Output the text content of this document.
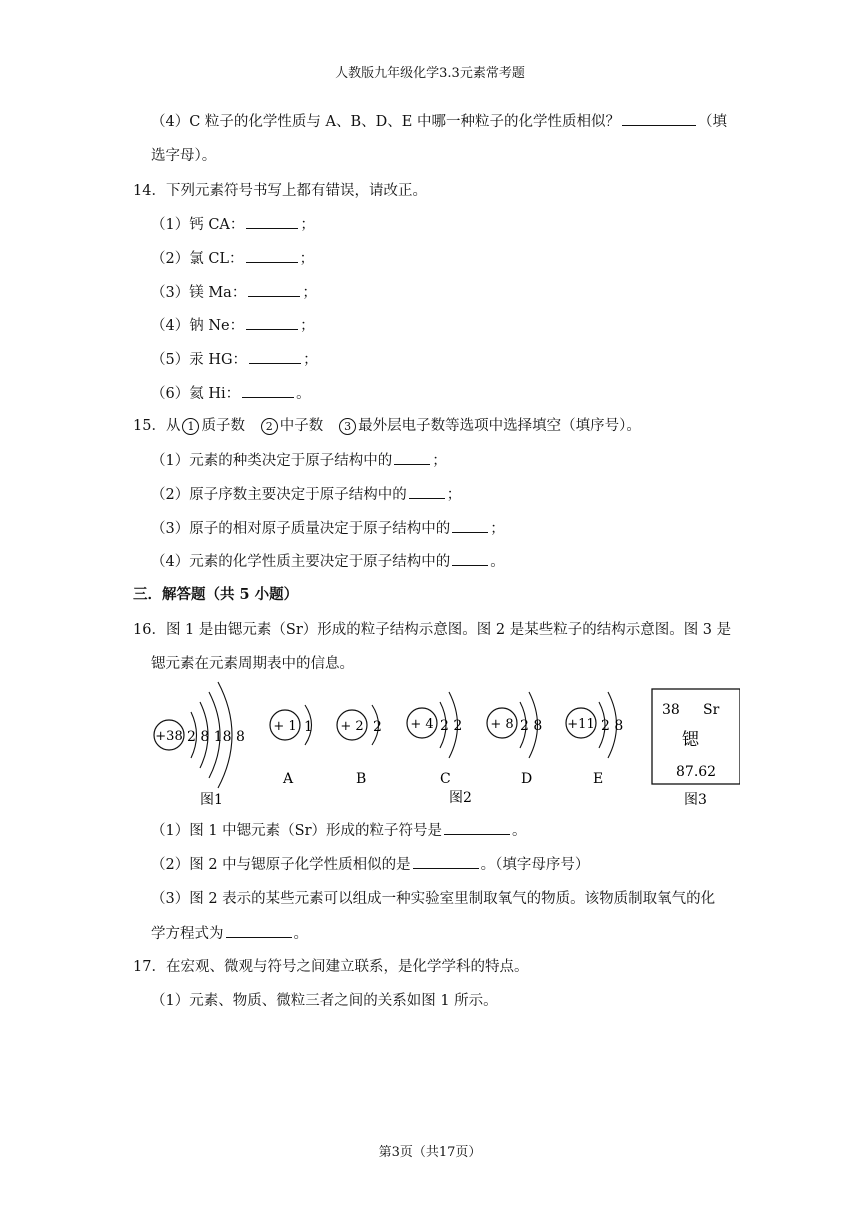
人教版九年级化学3.3元素常考题
（4）C 粒子的化学性质与 A、B、D、E 中哪一种粒子的化学性质相似？	（填
选字母）。
14．下列元素符号书写上都有错误，请改正。
（1）钙 CA：	；
（2）氯 CL：	；
（3）镁 Ma：	；
（4）钠 Ne：	；
（5）汞 HG：	；
（6）氦 Hi：	。
15．从 1 质子数 2 中子数 3 最外层电子数等选项中选择填空（填序号）。
（1）元素的种类决定于原子结构中的	；
（2）原子序数主要决定于原子结构中的	；
（3）原子的相对原子质量决定于原子结构中的	；
（4）元素的化学性质主要决定于原子结构中的	。
三．解答题（共 5 小题）
16．图 1 是由锶元素（Sr）形成的粒子结构示意图。图 2 是某些粒子的结构示意图。图 3 是
锶元素在元素周期表中的信息。
+38 2 8 18 8
图1
+ 1 1
A
+ 2 2
B
+ 4 2 2
C
+ 8 2 8
D
+11 2 8
E
图2
38 Sr
锶
87.62
图3
（1）图 1 中锶元素（Sr）形成的粒子符号是	。
（2）图 2 中与锶原子化学性质相似的是	。（填字母序号）
（3）图 2 表示的某些元素可以组成一种实验室里制取氧气的物质。该物质制取氧气的化
学方程式为	。
17．在宏观、微观与符号之间建立联系，是化学学科的特点。
（1）元素、物质、微粒三者之间的关系如图 1 所示。
第3页（共17页）
